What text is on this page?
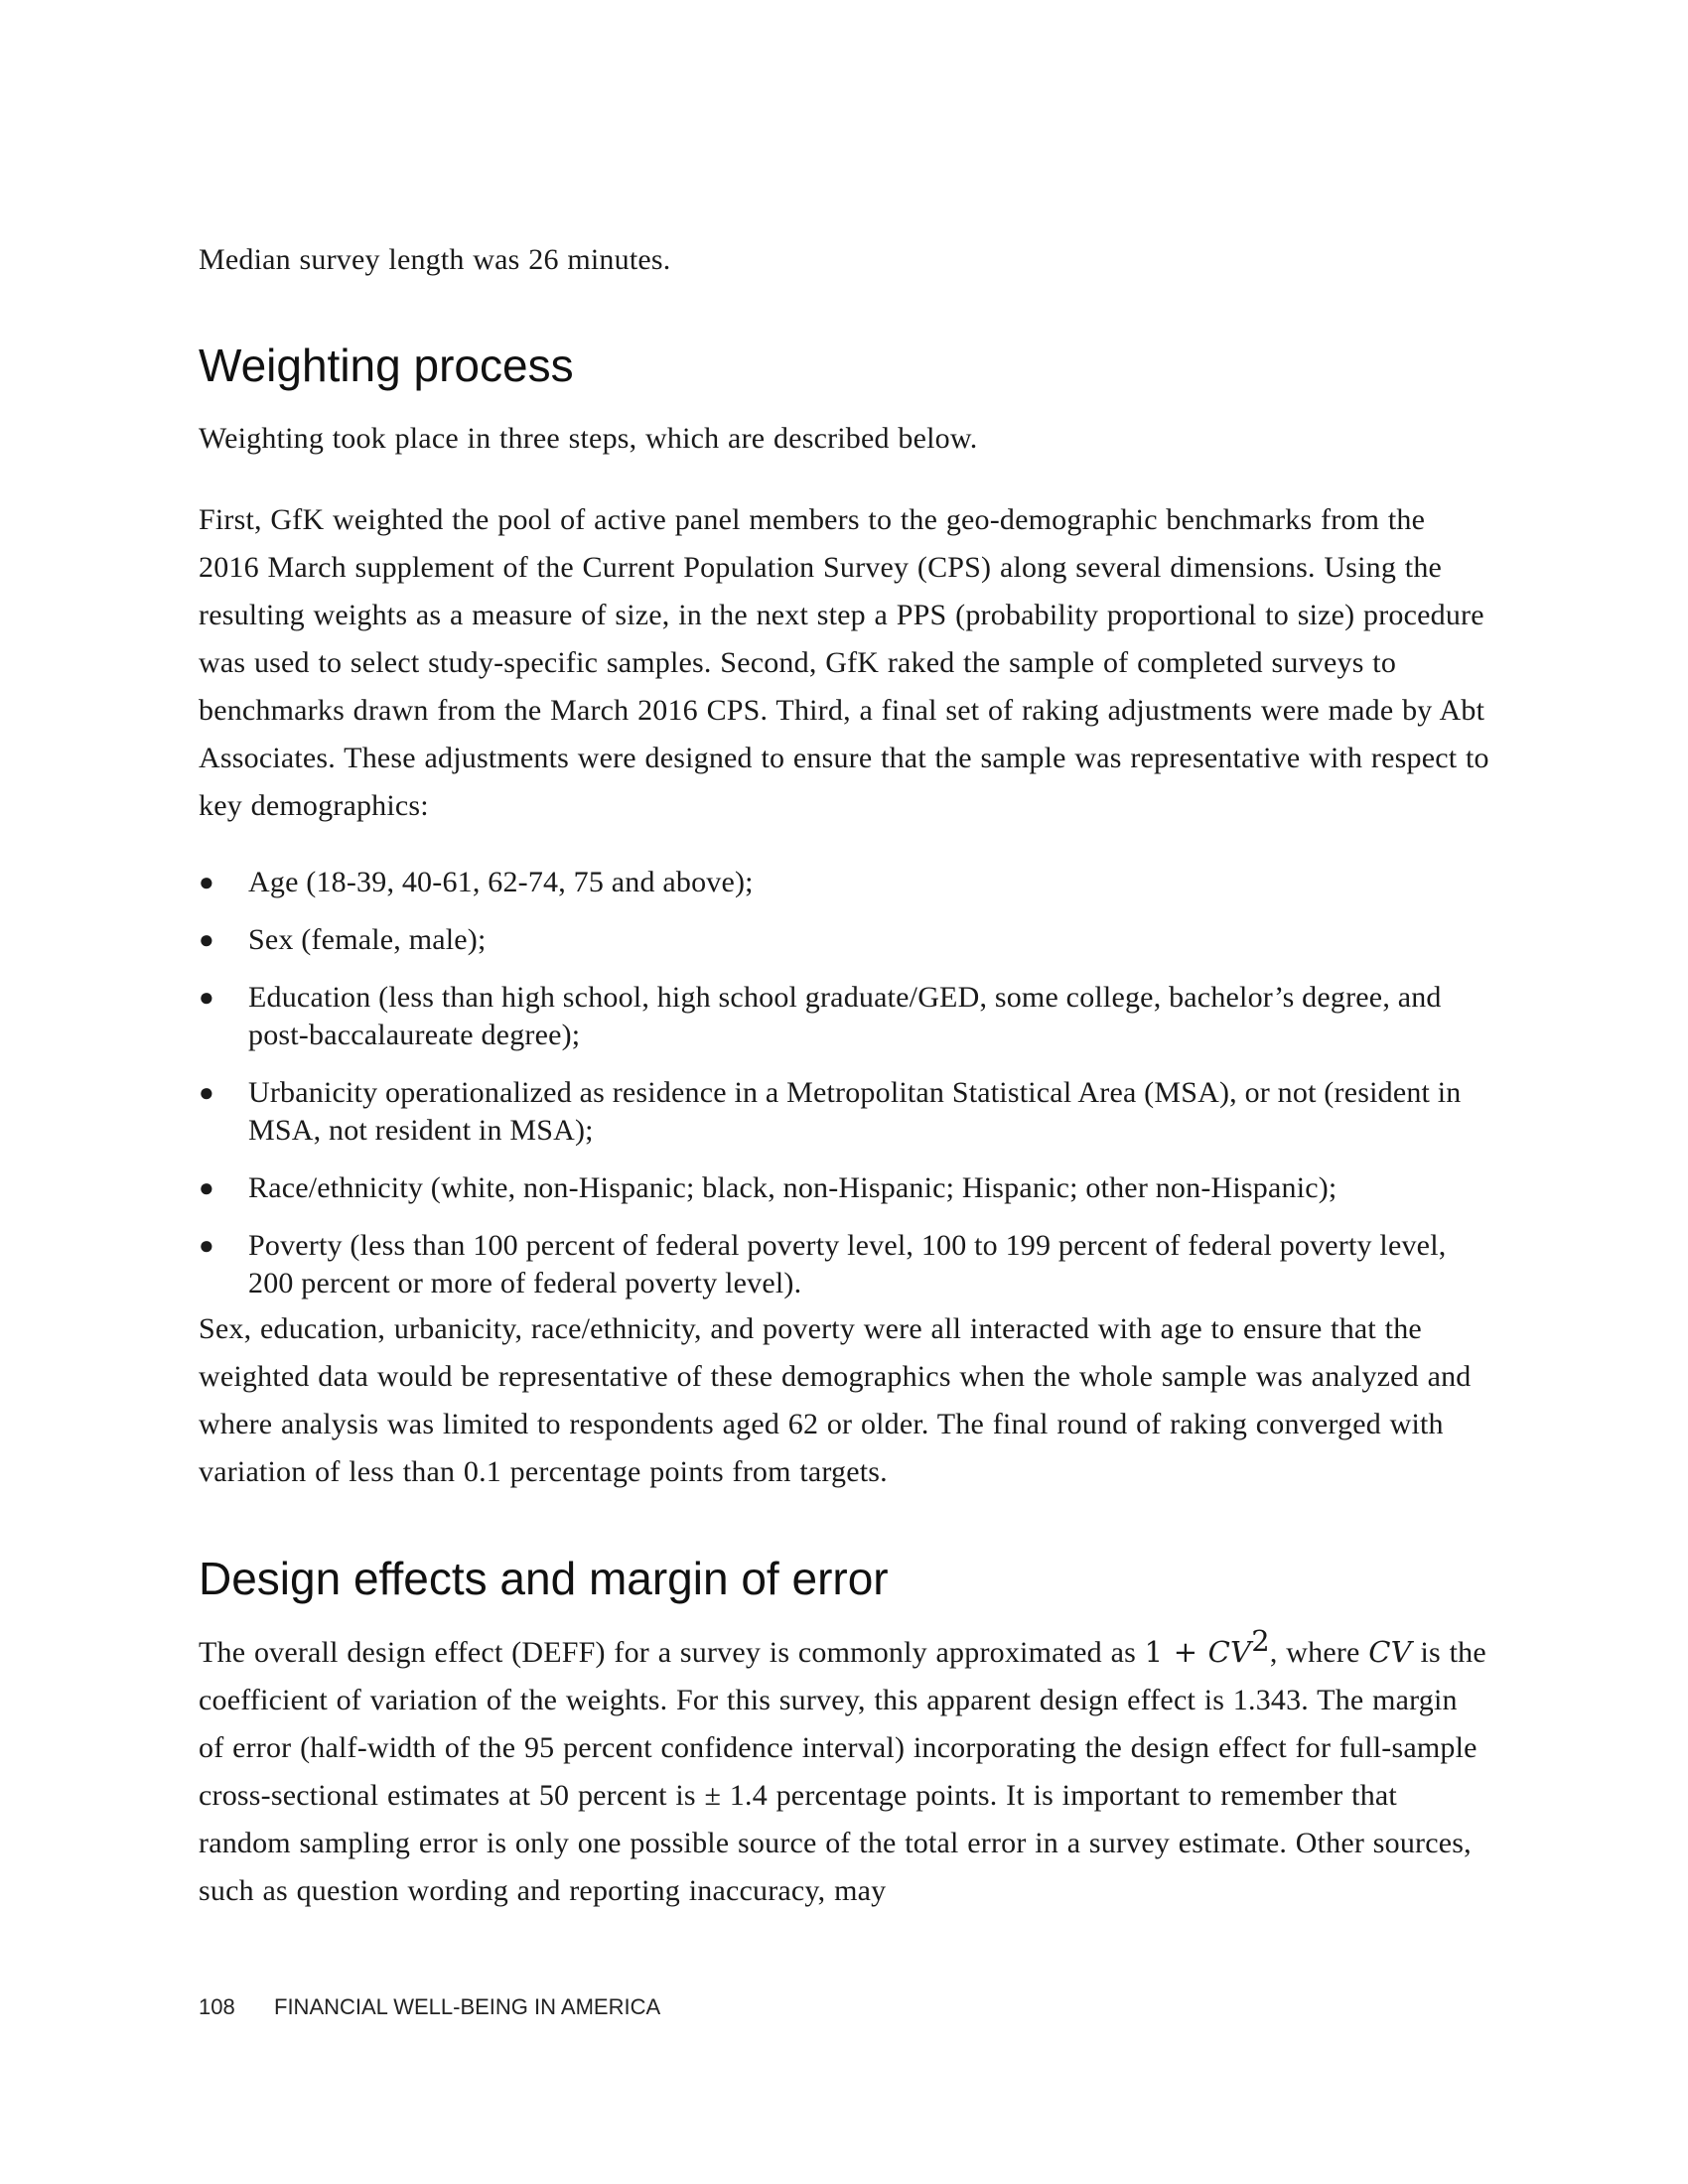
Median survey length was 26 minutes.

Weighting process

Weighting took place in three steps, which are described below.

First, GfK weighted the pool of active panel members to the geo-demographic benchmarks from the 2016 March supplement of the Current Population Survey (CPS) along several dimensions. Using the resulting weights as a measure of size, in the next step a PPS (probability proportional to size) procedure was used to select study-specific samples. Second, GfK raked the sample of completed surveys to benchmarks drawn from the March 2016 CPS. Third, a final set of raking adjustments were made by Abt Associates. These adjustments were designed to ensure that the sample was representative with respect to key demographics:

● Age (18-39, 40-61, 62-74, 75 and above);
● Sex (female, male);
● Education (less than high school, high school graduate/GED, some college, bachelor’s degree, and post-baccalaureate degree);
● Urbanicity operationalized as residence in a Metropolitan Statistical Area (MSA), or not (resident in MSA, not resident in MSA);
● Race/ethnicity (white, non-Hispanic; black, non-Hispanic; Hispanic; other non-Hispanic);
● Poverty (less than 100 percent of federal poverty level, 100 to 199 percent of federal poverty level, 200 percent or more of federal poverty level).

Sex, education, urbanicity, race/ethnicity, and poverty were all interacted with age to ensure that the weighted data would be representative of these demographics when the whole sample was analyzed and where analysis was limited to respondents aged 62 or older. The final round of raking converged with variation of less than 0.1 percentage points from targets.

Design effects and margin of error

The overall design effect (DEFF) for a survey is commonly approximated as $1 + CV^2$, where CV is the coefficient of variation of the weights. For this survey, this apparent design effect is 1.343. The margin of error (half-width of the 95 percent confidence interval) incorporating the design effect for full-sample cross-sectional estimates at 50 percent is ± 1.4 percentage points. It is important to remember that random sampling error is only one possible source of the total error in a survey estimate. Other sources, such as question wording and reporting inaccuracy, may

108 FINANCIAL WELL-BEING IN AMERICA
